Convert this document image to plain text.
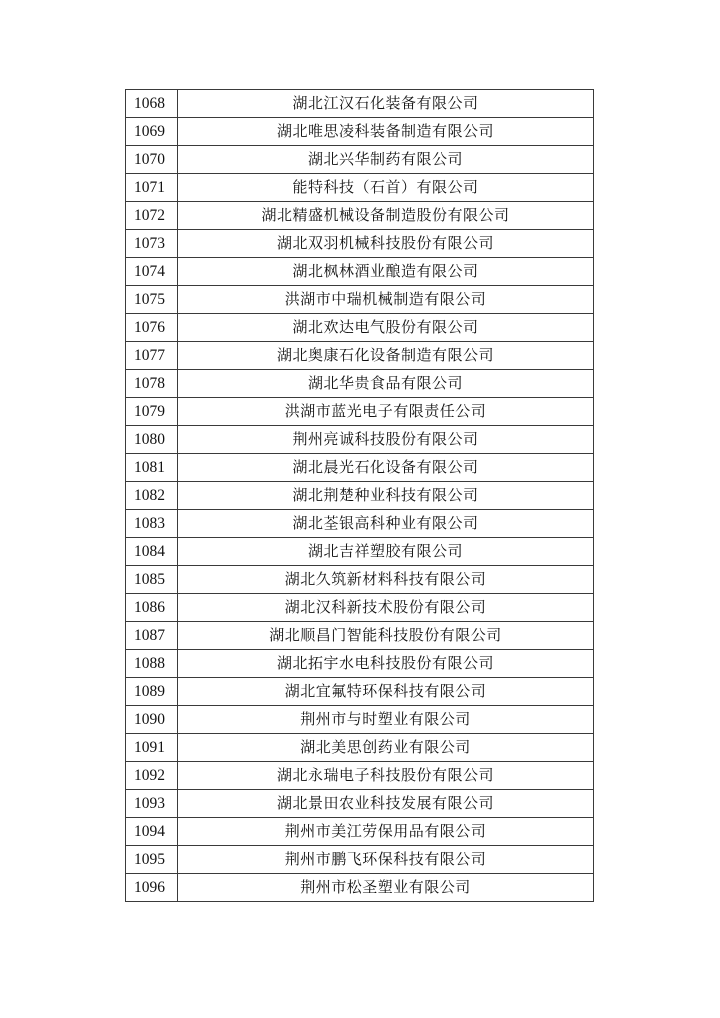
1068	湖北江汉石化装备有限公司
1069	湖北唯思凌科装备制造有限公司
1070	湖北兴华制药有限公司
1071	能特科技（石首）有限公司
1072	湖北精盛机械设备制造股份有限公司
1073	湖北双羽机械科技股份有限公司
1074	湖北枫林酒业酿造有限公司
1075	洪湖市中瑞机械制造有限公司
1076	湖北欢达电气股份有限公司
1077	湖北奥康石化设备制造有限公司
1078	湖北华贵食品有限公司
1079	洪湖市蓝光电子有限责任公司
1080	荆州亮诚科技股份有限公司
1081	湖北晨光石化设备有限公司
1082	湖北荆楚种业科技有限公司
1083	湖北荃银高科种业有限公司
1084	湖北吉祥塑胶有限公司
1085	湖北久筑新材料科技有限公司
1086	湖北汉科新技术股份有限公司
1087	湖北顺昌门智能科技股份有限公司
1088	湖北拓宇水电科技股份有限公司
1089	湖北宜氟特环保科技有限公司
1090	荆州市与时塑业有限公司
1091	湖北美思创药业有限公司
1092	湖北永瑞电子科技股份有限公司
1093	湖北景田农业科技发展有限公司
1094	荆州市美江劳保用品有限公司
1095	荆州市鹏飞环保科技有限公司
1096	荆州市松圣塑业有限公司
